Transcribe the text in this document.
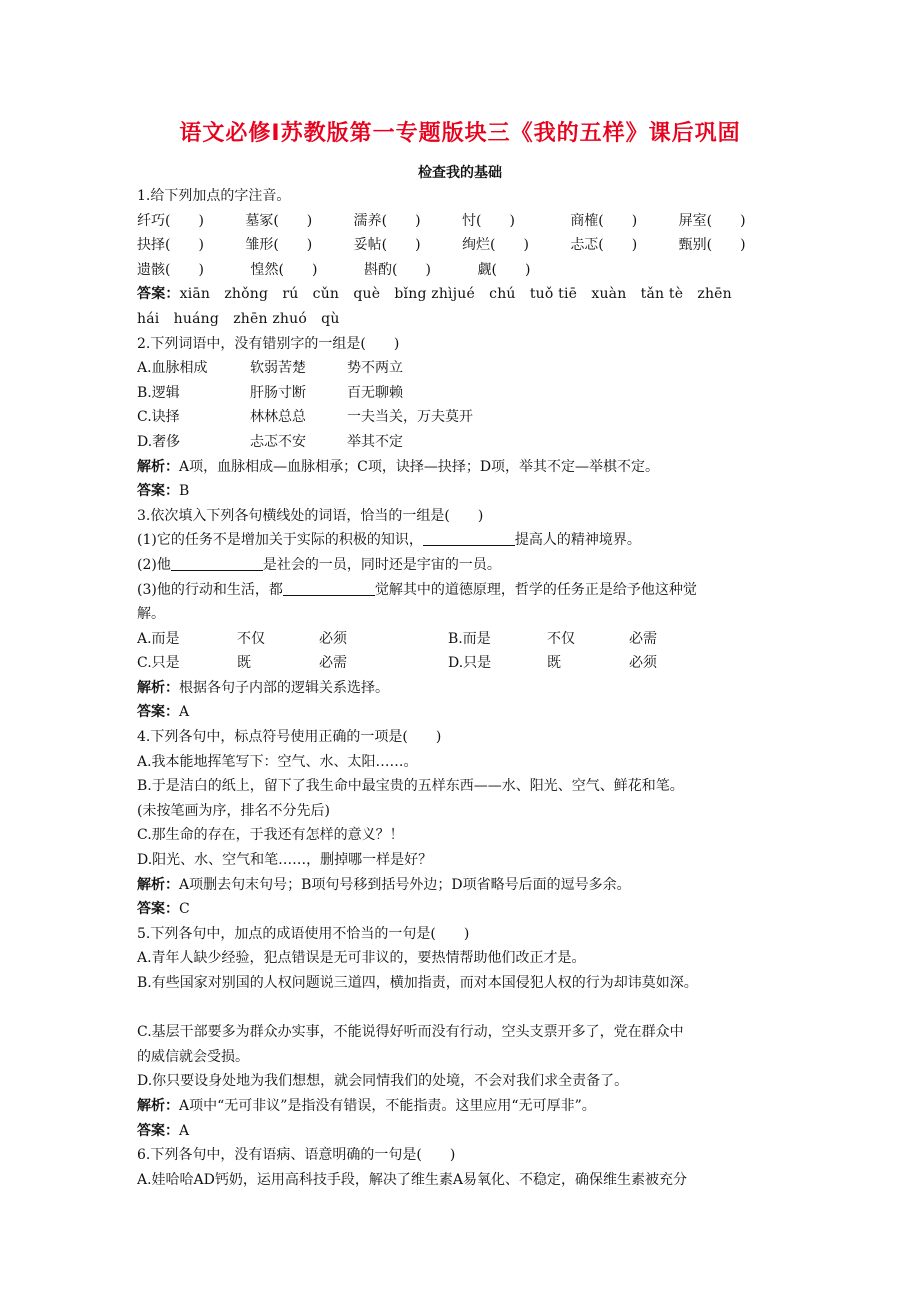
语文必修Ⅰ苏教版第一专题版块三《我的五样》课后巩固
检查我的基础
1.给下列加点的字注音。
纤巧(　　)	墓冢(　　)	濡养(　　)	忖(　　)	商榷(　　)	屏室(　　)
抉择(　　)	雏形(　　)	妥帖(　　)	绚烂(　　)	忐忑(　　)	甄别(　　)
遗骸(　　)	惶然(　　)	斟酌(　　)	觑(　　)
答案：xiān　zhǒng　rú　cǔn　què　bǐng zhìjué　chú　tuǒ tiē　xuàn　tǎn tè　zhēn
hái　huáng　zhēn zhuó　qù
2.下列词语中，没有错别字的一组是(　　)
A.血脉相成	软弱苦楚	势不两立
B.逻辑	肝肠寸断	百无聊赖
C.诀择	林林总总	一夫当关，万夫莫开
D.奢侈	忐忑不安	举其不定
解析：A项，血脉相成—血脉相承；C项，诀择—抉择；D项，举其不定—举棋不定。
答案：B
3.依次填入下列各句横线处的词语，恰当的一组是(　　)
(1)它的任务不是增加关于实际的积极的知识，	提高人的精神境界。
(2)他	是社会的一员，同时还是宇宙的一员。
(3)他的行动和生活，都	觉解其中的道德原理，哲学的任务正是给予他这种觉
解。
A.而是	不仅	必须	B.而是	不仅	必需
C.只是	既	必需	D.只是	既	必须
解析：根据各句子内部的逻辑关系选择。
答案：A
4.下列各句中，标点符号使用正确的一项是(　　)
A.我本能地挥笔写下：空气、水、太阳……。
B.于是洁白的纸上，留下了我生命中最宝贵的五样东西——水、阳光、空气、鲜花和笔。
(未按笔画为序，排名不分先后)
C.那生命的存在，于我还有怎样的意义？！
D.阳光、水、空气和笔……，删掉哪一样是好？
解析：A项删去句末句号；B项句号移到括号外边；D项省略号后面的逗号多余。
答案：C
5.下列各句中，加点的成语使用不恰当的一句是(　　)
A.青年人缺少经验，犯点错误是无可非议的，要热情帮助他们改正才是。
B.有些国家对别国的人权问题说三道四，横加指责，而对本国侵犯人权的行为却讳莫如深。
C.基层干部要多为群众办实事，不能说得好听而没有行动，空头支票开多了，党在群众中
的威信就会受损。
D.你只要设身处地为我们想想，就会同情我们的处境，不会对我们求全责备了。
解析：A项中“无可非议”是指没有错误，不能指责。这里应用“无可厚非”。
答案：A
6.下列各句中，没有语病、语意明确的一句是(　　)
A.娃哈哈AD钙奶，运用高科技手段，解决了维生素A易氧化、不稳定，确保维生素被充分
